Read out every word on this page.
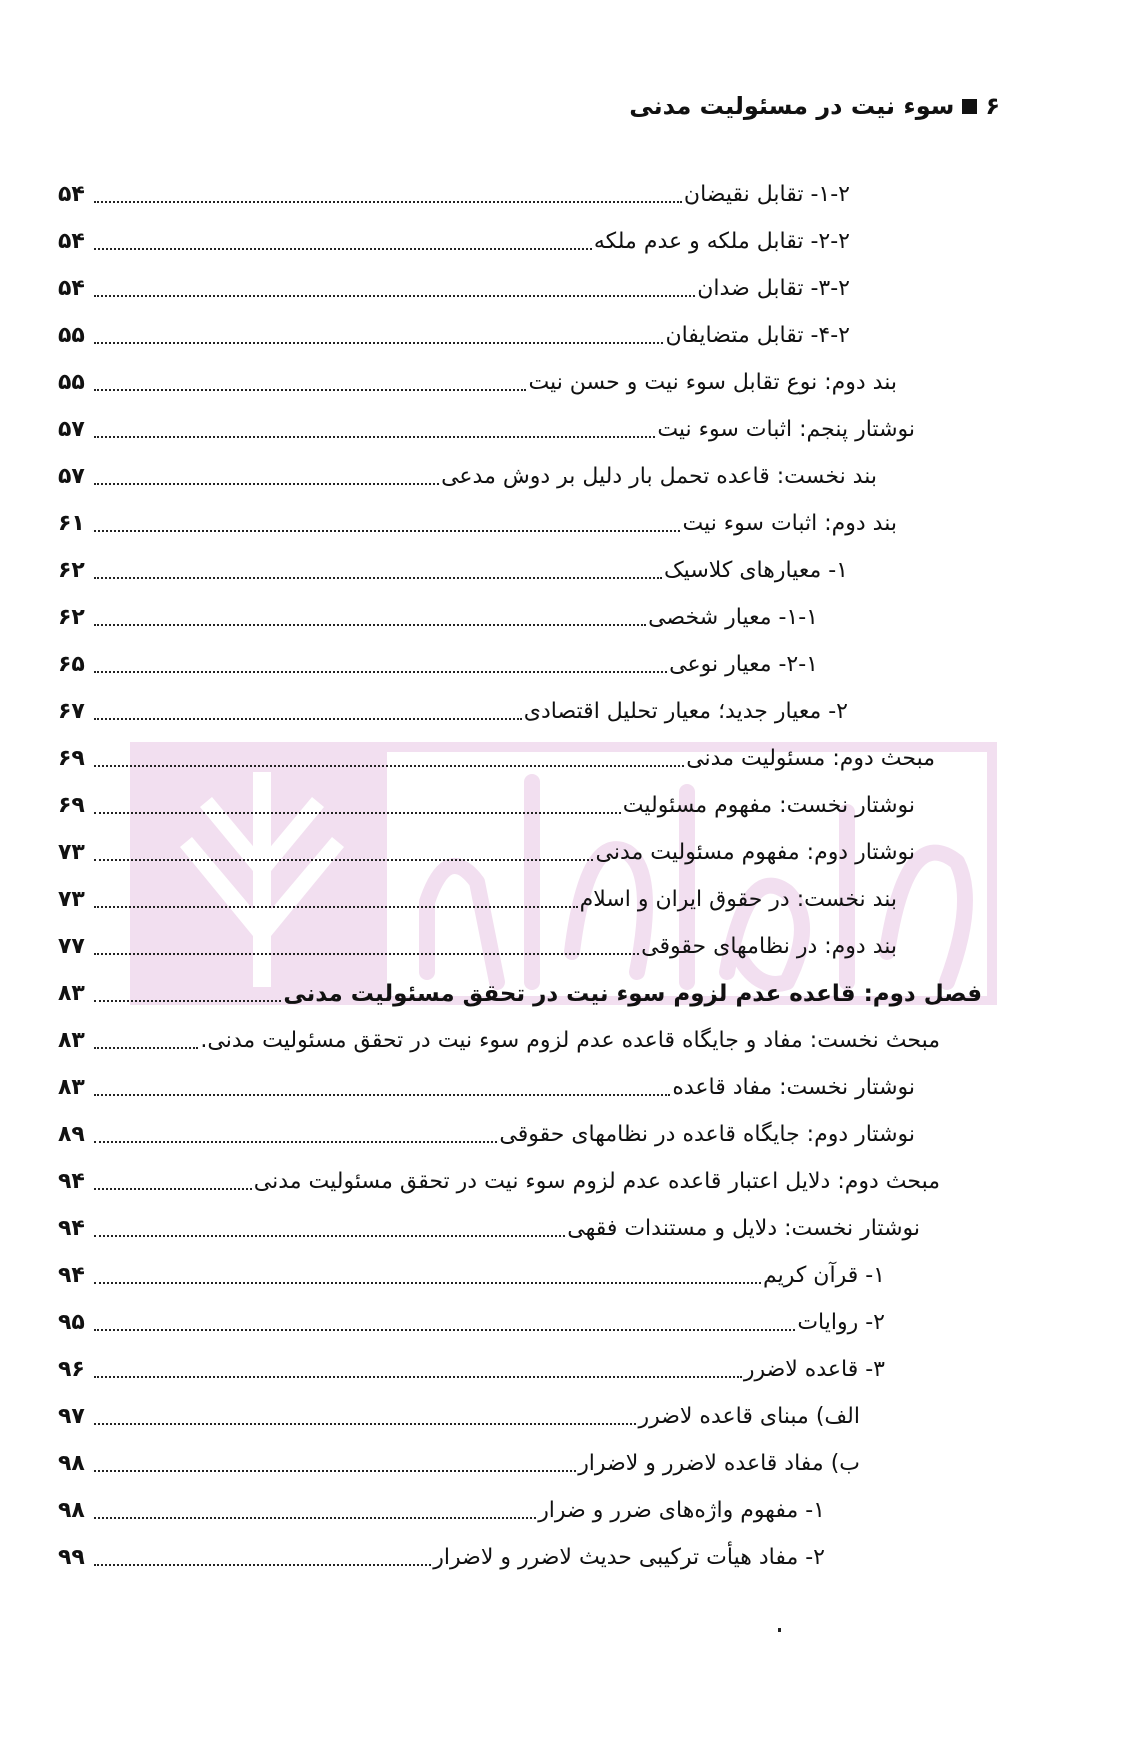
۶
سوء نیت در مسئولیت مدنی
۱-۲- تقابل نقیضان
۵۴
۲-۲- تقابل ملکه و عدم ملکه
۵۴
۳-۲- تقابل ضدان
۵۴
۴-۲- تقابل متضایفان
۵۵
بند دوم: نوع تقابل سوء نیت و حسن نیت
۵۵
نوشتار پنجم: اثبات سوء نیت
۵۷
بند نخست: قاعده تحمل بار دلیل بر دوش مدعی
۵۷
بند دوم: اثبات سوء نیت
۶۱
۱- معیارهای کلاسیک
۶۲
۱-۱- معیار شخصی
۶۲
۲-۱- معیار نوعی
۶۵
۲- معیار جدید؛ معیار تحلیل اقتصادی
۶۷
مبحث دوم: مسئولیت مدنی
۶۹
نوشتار نخست: مفهوم مسئولیت
۶۹
نوشتار دوم: مفهوم مسئولیت مدنی
۷۳
بند نخست: در حقوق ایران و اسلام
۷۳
بند دوم: در نظامهای حقوقی
۷۷
فصل دوم: قاعده عدم لزوم سوء نیت در تحقق مسئولیت مدنی
۸۳
مبحث نخست: مفاد و جایگاه قاعده عدم لزوم سوء نیت در تحقق مسئولیت مدنی.
۸۳
نوشتار نخست: مفاد قاعده
۸۳
نوشتار دوم: جایگاه قاعده در نظامهای حقوقی
۸۹
مبحث دوم: دلایل اعتبار قاعده عدم لزوم سوء نیت در تحقق مسئولیت مدنی
۹۴
نوشتار نخست: دلایل و مستندات فقهی
۹۴
۱- قرآن کریم
۹۴
۲- روایات
۹۵
۳- قاعده لاضرر
۹۶
الف) مبنای قاعده لاضرر
۹۷
ب) مفاد قاعده لاضرر و لاضرار
۹۸
۱- مفهوم واژه‌های ضرر و ضرار
۹۸
۲- مفاد هیأت ترکیبی حدیث لاضرر و لاضرار
۹۹
